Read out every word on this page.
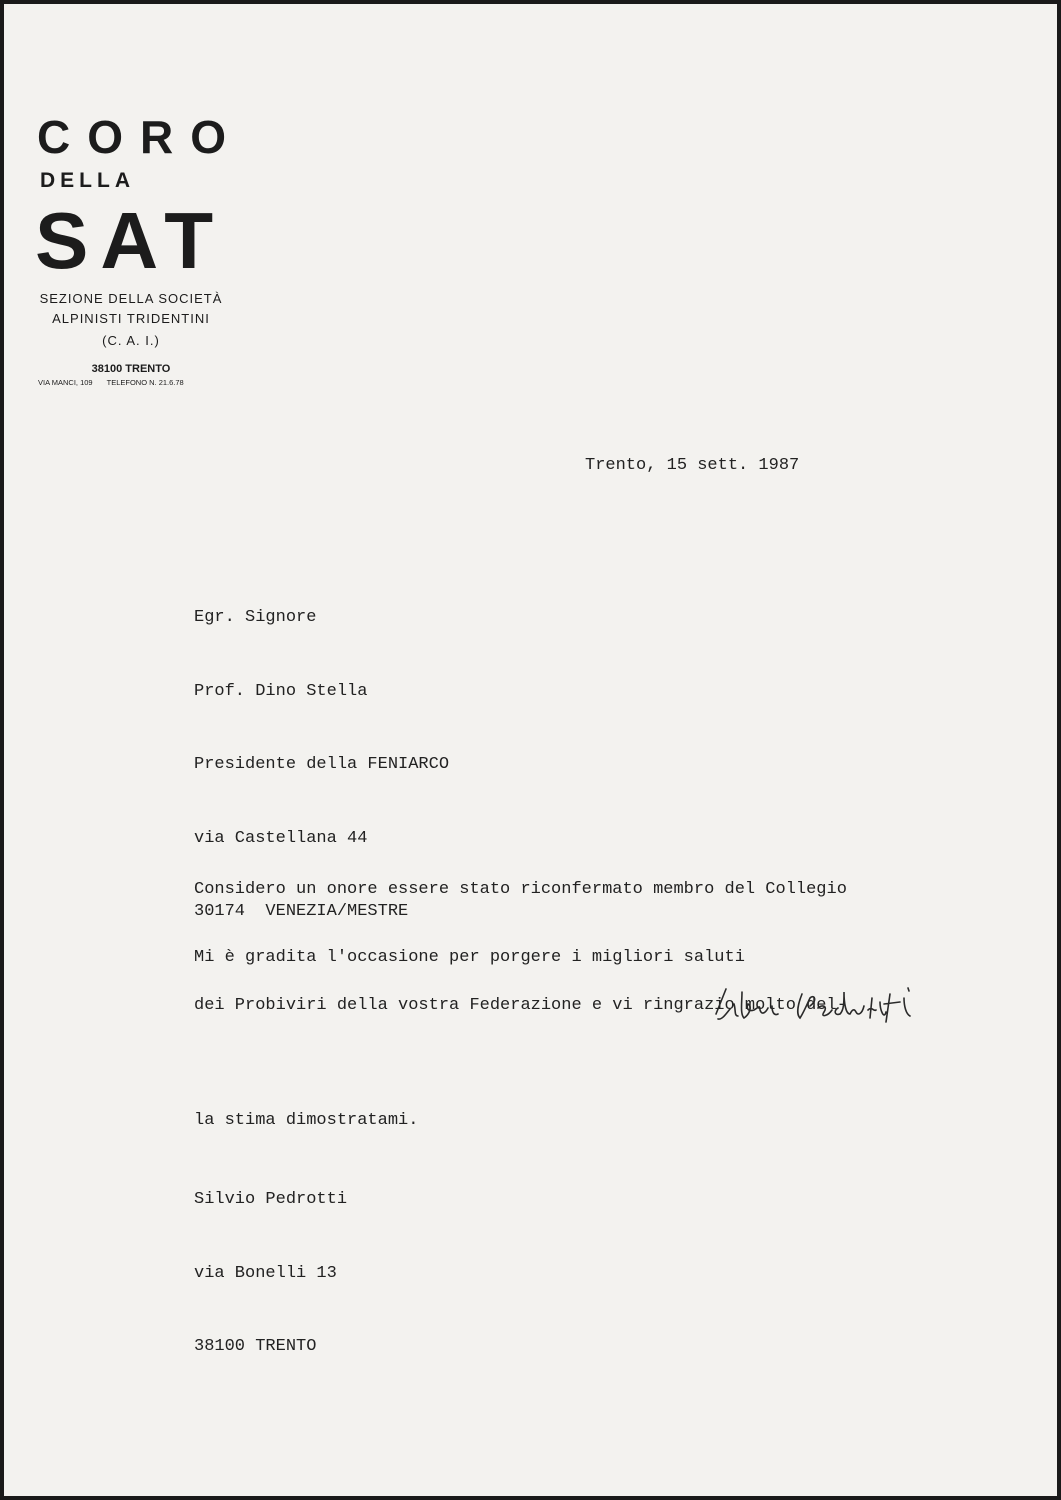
CORO
DELLA
SAT
SEZIONE DELLA SOCIETÀ
ALPINISTI TRIDENTINI
(C. A. I.)
38100 TRENTO
VIA MANCI, 109 TELEFONO N. 21.6.78
Trento, 15 sett. 1987

Egr. Signore

Prof. Dino Stella

Presidente della FENIARCO

via Castellana 44

30174  VENEZIA/MESTRE

Considero un onore essere stato riconfermato membro del Collegio

dei Probiviri della vostra Federazione e vi ringrazio molto del-

la stima dimostratami.

Mi è gradita l'occasione per porgere i migliori saluti

Silvio Pedrotti

via Bonelli 13

38100 TRENTO
